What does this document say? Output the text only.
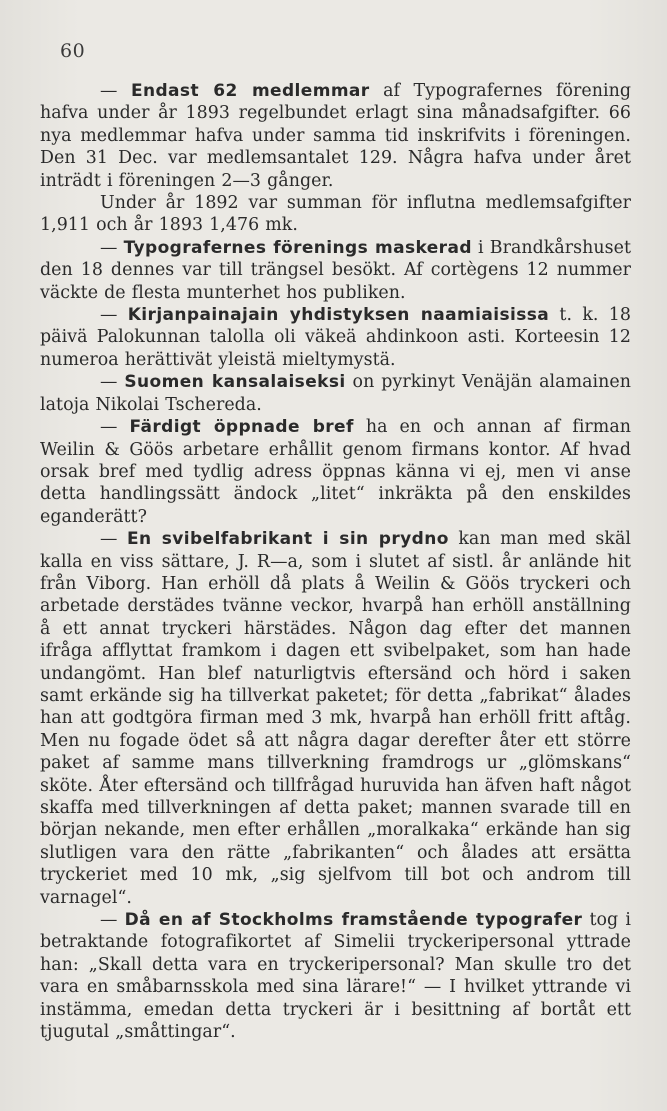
60

— Endast 62 medlemmar af Typografernes förening hafva under år 1893 regelbundet erlagt sina månadsafgifter. 66 nya medlemmar hafva under samma tid inskrifvits i föreningen. Den 31 Dec. var medlemsantalet 129. Några hafva under året inträdt i föreningen 2—3 gånger.

Under år 1892 var summan för influtna medlemsafgifter 1,911 och år 1893 1,476 mk.

— Typografernes förenings maskerad i Brandkårshuset den 18 dennes var till trängsel besökt. Af cortègens 12 nummer väckte de flesta munterhet hos publiken.

— Kirjanpainajain yhdistyksen naamiaisissa t. k. 18 päivä Palokunnan talolla oli väkeä ahdinkoon asti. Korteesin 12 numeroa herättivät yleistä mieltymystä.

— Suomen kansalaiseksi on pyrkinyt Venäjän alamainen latoja Nikolai Tschereda.

— Färdigt öppnade bref ha en och annan af firman Weilin & Göös arbetare erhållit genom firmans kontor. Af hvad orsak bref med tydlig adress öppnas känna vi ej, men vi anse detta handlingssätt ändock „litet“ inkräkta på den enskildes eganderätt?

— En svibelfabrikant i sin prydno kan man med skäl kalla en viss sättare, J. R—a, som i slutet af sistl. år anlände hit från Viborg. Han erhöll då plats å Weilin & Göös tryckeri och arbetade derstädes tvänne veckor, hvarpå han erhöll anställning å ett annat tryckeri härstädes. Någon dag efter det mannen ifråga afflyttat framkom i dagen ett svibelpaket, som han hade undangömt. Han blef naturligtvis eftersänd och hörd i saken samt erkände sig ha tillverkat paketet; för detta „fabrikat“ ålades han att godtgöra firman med 3 mk, hvarpå han erhöll fritt aftåg. Men nu fogade ödet så att några dagar derefter åter ett större paket af samme mans tillverkning framdrogs ur „glömskans“ sköte. Åter eftersänd och tillfrågad huruvida han äfven haft något skaffa med tillverkningen af detta paket; mannen svarade till en början nekande, men efter erhållen „moralkaka“ erkände han sig slutligen vara den rätte „fabrikanten“ och ålades att ersätta tryckeriet med 10 mk, „sig sjelfvom till bot och androm till varnagel“.

— Då en af Stockholms framstående typografer tog i betraktande fotografikortet af Simelii tryckeripersonal yttrade han: „Skall detta vara en tryckeripersonal? Man skulle tro det vara en småbarnsskola med sina lärare!“ — I hvilket yttrande vi instämma, emedan detta tryckeri är i besittning af bortåt ett tjugutal „småttingar“.
